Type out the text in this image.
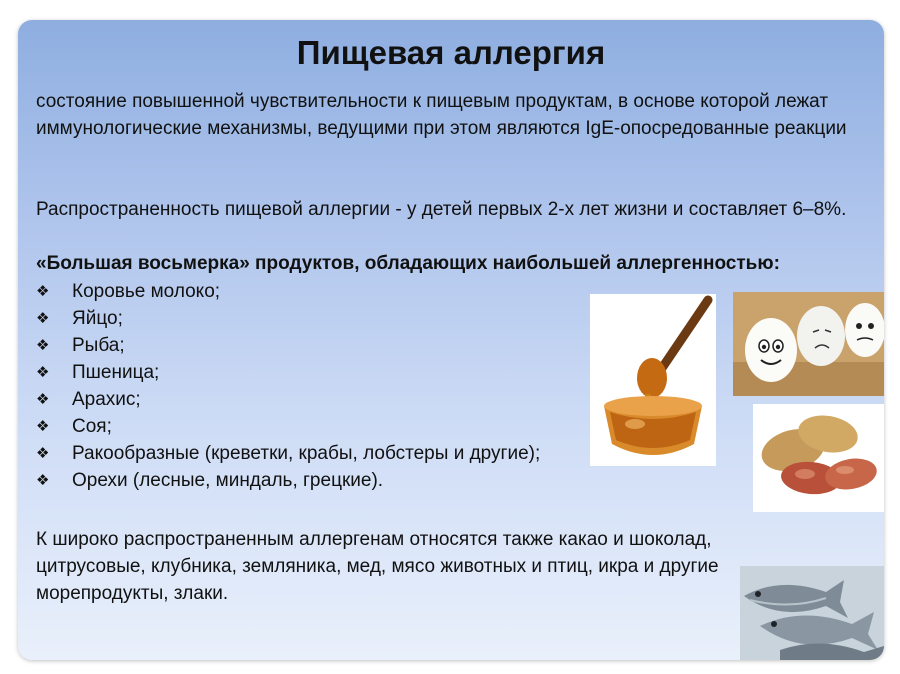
Пищевая аллергия

состояние повышенной чувствительности к пищевым продуктам, в основе которой лежат иммунологические механизмы, ведущими при этом являются IgE-опосредованные реакции

Распространенность пищевой аллергии - у детей первых 2-х лет жизни и составляет 6–8%.

«Большая восьмерка» продуктов, обладающих наибольшей аллергенностью:

❖	Коровье молоко;
❖	Яйцо;
❖	Рыба;
❖	Пшеница;
❖	Арахис;
❖	Соя;
❖	Ракообразные (креветки, крабы, лобстеры и другие);
❖	Орехи (лесные, миндаль, грецкие).

К широко распространенным аллергенам относятся также какао и шоколад, цитрусовые, клубника, земляника, мед, мясо животных и птиц, икра и другие морепродукты, злаки.
